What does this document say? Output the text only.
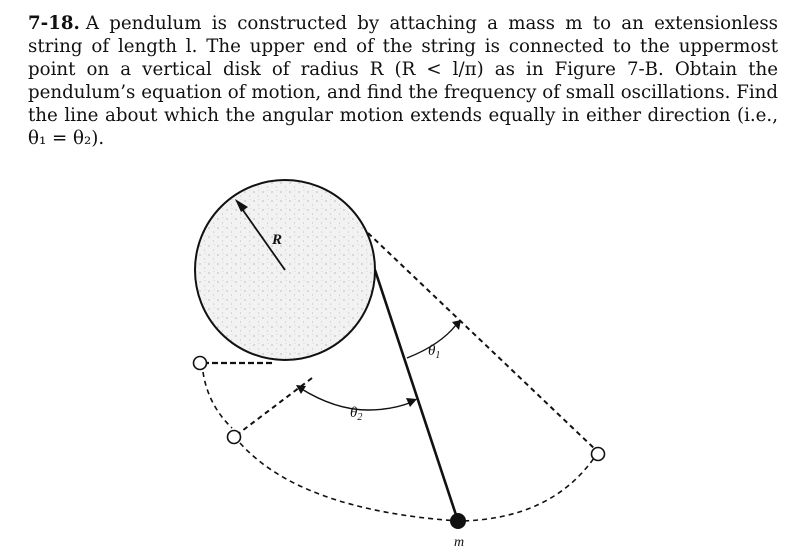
7-18. A pendulum is constructed by attaching a mass m to an extensionless string of length l. The upper end of the string is connected to the uppermost point on a vertical disk of radius R (R < l/π) as in Figure 7-B. Obtain the pendulum’s equation of motion, and find the frequency of small oscillations. Find the line about which the angular motion extends equally in either direction (i.e., θ₁ = θ₂).
R
$\theta_1$
$\theta_2$
m
